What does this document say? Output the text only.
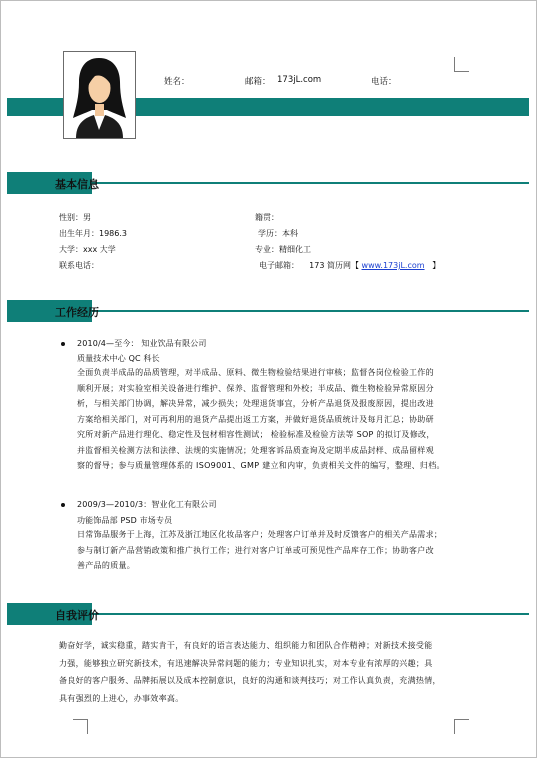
姓名：	邮箱： 173jL.com	电话：
基本信息
性别：男	籍贯：
出生年月：1986.3	学历：本科
大学：xxx 大学	专业：精细化工
联系电话：	电子邮箱： 173 简历网【 www.173jL.com 】
工作经历
2010/4—至今： 知业饮品有限公司
质量技术中心 QC 科长
全面负责半成品的品质管理，对半成品、原料、微生物检验结果进行审核；监督各岗位检验工作的
顺利开展；对实验室相关设备进行维护、保养、监督管理和外校；半成品、微生物检验异常原因分
析，与相关部门协调，解决异常，减少损失；处理退货事宜，分析产品退货及报废原因，提出改进
方案给相关部门，对可再利用的退货产品提出返工方案，并做好退货品质统计及每月汇总；协助研
究所对新产品进行理化、稳定性及包材相容性测试； 检验标准及检验方法等 SOP 的拟订及修改，
并监督相关检测方法和法律、法规的实施情况；处理客诉品质查询及定期半成品封样、成品留样观
察的督导；参与质量管理体系的 ISO9001、GMP 建立和内审，负责相关文件的编写，整理、归档。
2009/3—2010/3：智业化工有限公司
功能饰品部 PSD 市场专员
日常饰品服务于上海，江苏及浙江地区化妆品客户；处理客户订单并及时反馈客户的相关产品需求；
参与制订新产品营销政策和推广执行工作；进行对客户订单或可预见性产品库存工作；协助客户改
善产品的质量。
自我评价
勤奋好学，诚实稳重，踏实肯干，有良好的语言表达能力、组织能力和团队合作精神；对新技术接受能
力强，能够独立研究新技术，有迅速解决异常问题的能力；专业知识扎实，对本专业有浓厚的兴趣；具
备良好的客户服务、品牌拓展以及成本控制意识，良好的沟通和谈判技巧；对工作认真负责，充满热情，
具有强烈的上进心，办事效率高。
